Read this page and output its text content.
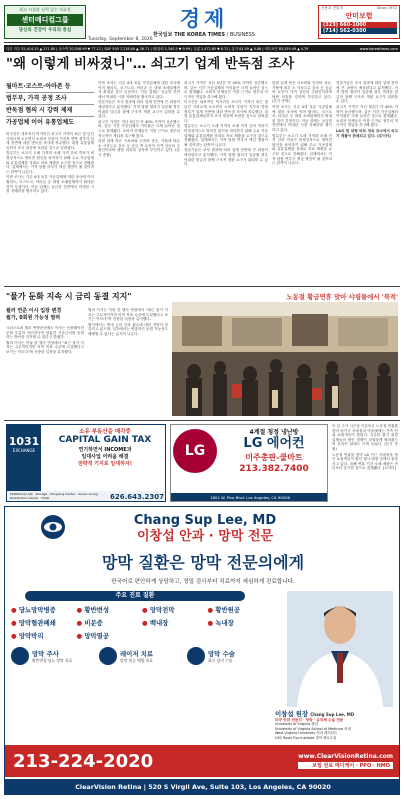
최고 시설과 실력 있는 의료진
센터메디컬그룹
당신의 건강이 우리의 중심	경제
한국일보 THE KOREA TIMES / BUSINESS
Tuesday, September 8, 2026
신용과 전통의	Since 1972
안미보험
(323) 660-1000
(714) 562-0300
다우 지수 52,414.25 ▲ 271.80 | 나스닥 20,508.99 ▼ 77.11 | S&P 500 7,218.60 ▲ 26.71 | 원/달러 1,340.5 ▼ 9.99 | 금값 2,472.60 ▼ 8.72 | 유가 81.09 ▲ 0.86 | 비트코인 85,329.49 ▲ 4.79	www.koreatimes.com
"왜 이렇게 비싸졌니"… 쇠고기 업계 반독점 조사
월마트·코스트·아마존 등
법무부, 가격 공정 조사
반독점 혐의 시 강력 제재
가공업체 이어 유통업체도

미국산은 대표적인 먹거리인 쇠고기 가격이 최근 몇 년간 가파르게 오르면서 소비자 부담이 커지자 연방 정부가 업계 전반에 대한 반독점 조사에 착수했다. 대형 유통업체들까지 조사 대상에 포함된 것으로 알려졌다.

법무부는 소고기 도매 가격과 소매 가격 간의 격차가 비정상적으로 벌어진 원인을 파악하기 위해 주요 가공업체와 유통업체를 상대로 자료 제출을 요구한 것으로 전해졌다. 업계에서는 가격 담합 여부가 핵심 쟁점이 될 것이라는 관측이 나온다.

이번 조사는 기존 4대 육류 가공업체에 대한 조사에 이어 월마트, 코스트코, 아마존 등 대형 소매업체까지 확대된 것이 특징이다. 이들 업체는 공급망 전반에서 막대한 시장 지배력을 행사하고 있다.

이번 조사는 기존 4대 육류 가공업체에 대한 조사에 이어 월마트, 코스트코, 아마존 등 대형 소매업체까지 확대된 것이 특징이다. 이들 업체는 공급망 전반에서 막대한 시장 지배력을 행사하고 있다.

전문가들은 조사 결과에 따라 업계 전반에 큰 파장이 예상된다고 분석했다. 가격 담합 혐의가 입증될 경우 막대한 벌금과 함께 구조적 개편 요구가 뒤따를 수 있다.

쇠고기 가격은 지난 5년간 약 40% 가까이 상승했으며, 같은 기간 가공업체의 이익률은 크게 늘어난 것으로 집계됐다. 소비자 단체들은 이를 근거로 정부의 적극적인 개입을 촉구해 왔다.

한편 업계 측은 사료비와 인건비 상승, 가뭄에 따른 소 사육두수 감소 등 공급 측 요인이 가격 상승의 주원인이라며 담합 의혹을 강하게 부인하고 있다. (본사 종합)

쇠고기 가격은 지난 5년간 약 40% 가까이 상승했으며, 같은 기간 가공업체의 이익률은 크게 늘어난 것으로 집계됐다. 소비자 단체들은 이를 근거로 정부의 적극적인 개입을 촉구해 왔다.

미국산은 대표적인 먹거리인 쇠고기 가격이 최근 몇 년간 가파르게 오르면서 소비자 부담이 커지자 연방 정부가 업계 전반에 대한 반독점 조사에 착수했다. 대형 유통업체들까지 조사 대상에 포함된 것으로 알려졌다.

법무부는 소고기 도매 가격과 소매 가격 간의 격차가 비정상적으로 벌어진 원인을 파악하기 위해 주요 가공업체와 유통업체를 상대로 자료 제출을 요구한 것으로 전해졌다. 업계에서는 가격 담합 여부가 핵심 쟁점이 될 것이라는 관측이 나온다.

전문가들은 조사 결과에 따라 업계 전반에 큰 파장이 예상된다고 분석했다. 가격 담합 혐의가 입증될 경우 막대한 벌금과 함께 구조적 개편 요구가 뒤따를 수 있다.

한편 업계 측은 사료비와 인건비 상승, 가뭄에 따른 소 사육두수 감소 등 공급 측 요인이 가격 상승의 주원인이라며 담합 의혹을 강하게 부인하고 있다. (본사 종합)

이번 조사는 기존 4대 육류 가공업체에 대한 조사에 이어 월마트, 코스트코, 아마존 등 대형 소매업체까지 확대된 것이 특징이다. 이들 업체는 공급망 전반에서 막대한 시장 지배력을 행사하고 있다.

법무부는 소고기 도매 가격과 소매 가격 간의 격차가 비정상적으로 벌어진 원인을 파악하기 위해 주요 가공업체와 유통업체를 상대로 자료 제출을 요구한 것으로 전해졌다. 업계에서는 가격 담합 여부가 핵심 쟁점이 될 것이라는 관측이 나온다.

전문가들은 조사 결과에 따라 업계 전반에 큰 파장이 예상된다고 분석했다. 가격 담합 혐의가 입증될 경우 막대한 벌금과 함께 구조적 개편 요구가 뒤따를 수 있다.

쇠고기 가격은 지난 5년간 약 40% 가까이 상승했으며, 같은 기간 가공업체의 이익률은 크게 늘어난 것으로 집계됐다. 소비자 단체들은 이를 근거로 정부의 적극적인 개입을 촉구해 왔다.

LA의 한 대형 마트 정육 코너에서 쇠고기 제품이 판매되고 있다. [로이터]

"물가 둔화 지속 시 금리 동결 지지"
월러 연준 이사 입장 변경
월가, 0회원 가능성 열려

크리스토퍼 월러 연방준비제도 이사는 인플레이션 둔화 흐름이 이어진다면 당분간 기준금리를 동결하는 방안을 지지할 수 있다고 밝혔다.

월러 이사는 이날 한 행사 연설에서 "최근 물가 지표는 고무적이지만 아직 목표 수준에 도달했다고 보기는 이르다"며 신중한 입장을 유지했다.

월러 이사는 이날 한 행사 연설에서 "최근 물가 지표는 고무적이지만 아직 목표 수준에 도달했다고 보기는 이르다"며 신중한 입장을 유지했다.

월가에서는 연내 금리 인하 횟수에 대한 전망이 엇갈리고 있으며, 일부에서는 연말까지 동결 가능성도 배제할 수 없다는 분석이 나온다.

노동절 황금연휴 맞아 샤핑몰에서 '북적'
1031
EXCHANGE
소유 부동산을 매각중
CAPITAL GAIN TAX
연기하면서 INCOME과
임대사업 어려움 해결
전략적 기지로 임대하자!
Multifamily Apt · Storage · Shopping Center · Senior Living · Distribution Center · Hotel	626.643.2307
LG
4계절 청정 냉난방
LG 에어컨
미주총판-쿨마트
213.382.7400
1801 W. Pico Blvd. Los Angeles, CA 90006

이 달 주가 시즌을 이끌어온 노동절 연휴를 맞아 남가주 샤핑몰과 아울렛에는 가족 단위 쇼핑객들이 몰렸다. 특수를 잡기 위한 업체들의 할인 경쟁이 치열하게 펼쳐졌으며 온라인 판매도 크게 늘었다. (본사 종합)

노동절 연휴를 맞아 LA 인근 샤핑몰을 찾은 쇼핑객들이 할인 행사 매장 앞에서 줄을 서고 있다. 올해 연휴 기간 소매 매출은 전년보다 증가한 것으로 집계됐다. [로이터]

Chang Sup Lee, MD
이창섭 안과 · 망막 전문
망막 질환은 망막 전문의에게
한국어로 편안하게 상담하고, 정밀 검사부터 치료까지 세심하게 진료합니다.
주요 진료 질환
● 당뇨망막병증	● 황반변성	● 망막전막	● 황반원공
● 망막혈관폐쇄	● 비문증	● 백내장	● 녹내장
● 망막박리	● 망막열공
망막 주사
황반변성·당뇨 망막 치료
레이저 치료
망막 열공 예방 치료
망막 수술
최신 장비 수술
이창섭 원장 Chang Sup Lee, MD
미국 안과 전문의 · 망막 · 유리체 수술 전문
University of Virginia 졸업
University of Virginia School of Medicine 의대
West Virginia University 안과 레지던트
USC Roski Eye Institute 망막 펠로우십
213-224-2020	www.ClearVisionRetina.com
보험 전료 메디케어 · PPO · HMO
ClearVision Retina | 520 S Virgil Ave, Suite 103, Los Angeles, CA 90020
